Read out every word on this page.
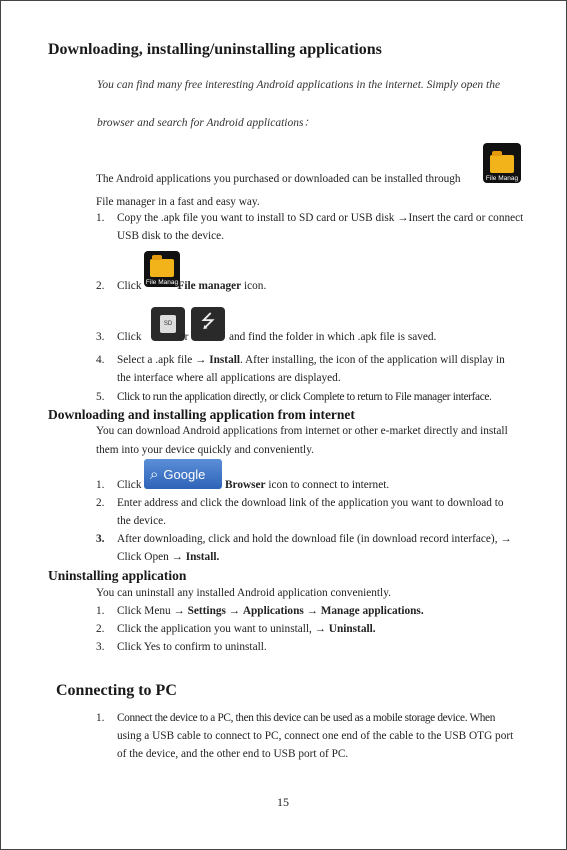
Downloading, installing/uninstalling applications
You can find many free interesting Android applications in the internet. Simply open the
browser and search for Android applications：
The Android applications you purchased or downloaded can be installed through	File Manag
File manager in a fast and easy way.
1. Copy the .apk file you want to install to SD card or USB disk →Insert the card or connect
USB disk to the device.
File Manag
2. Click	File manager icon.
SD	⭍
3. Click	or	and find the folder in which .apk file is saved.
4. Select a .apk file → Install. After installing, the icon of the application will display in
the interface where all applications are displayed.
5. Click to run the application directly, or click Complete to return to File manager interface.
Downloading and installing application from internet
You can download Android applications from internet or other e-market directly and install
them into your device quickly and conveniently.
⌕ Google
1. Click	Browser icon to connect to internet.
2. Enter address and click the download link of the application you want to download to
the device.
3. After downloading, click and hold the download file (in download record interface), →
Click Open → Install.
Uninstalling application
You can uninstall any installed Android application conveniently.
1. Click Menu → Settings → Applications → Manage applications.
2. Click the application you want to uninstall, → Uninstall.
3. Click Yes to confirm to uninstall.
Connecting to PC
1. Connect the device to a PC, then this device can be used as a mobile storage device. When
using a USB cable to connect to PC, connect one end of the cable to the USB OTG port
of the device, and the other end to USB port of PC.
15
